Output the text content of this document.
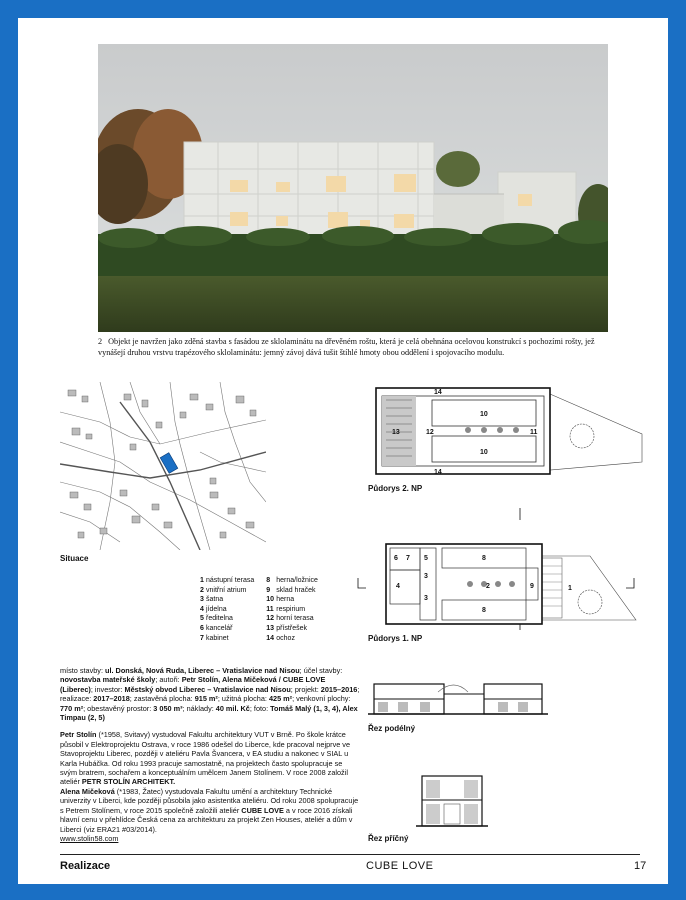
2 Objekt je navržen jako zděná stavba s fasádou ze sklolaminátu na dřevěném roštu, která je celá obehnána ocelovou konstrukcí s pochozími rošty, jež vynášejí druhou vrstvu trapézového sklolaminátu: jemný závoj dává tušit štíhlé hmoty obou oddělení i spojovacího modulu.
Situace
1 nástupní terasa
2 vnitřní atrium
3 šatna
4 jídelna
5 ředitelna
6 kancelář
7 kabinet
8 herna/ložnice
9 sklad hraček
10 herna
11 respirium
12 horní terasa
13 přístřešek
14 ochoz

místo stavby: ul. Donská, Nová Ruda, Liberec – Vratislavice nad Nisou; účel stavby: novostavba mateřské školy; autoři: Petr Stolín, Alena Mičeková / CUBE LOVE (Liberec); investor: Městský obvod Liberec – Vratislavice nad Nisou; projekt: 2015–2016; realizace: 2017–2018; zastavěná plocha: 915 m²; užitná plocha: 425 m²; venkovní plochy: 770 m²; obestavěný prostor: 3 050 m³; náklady: 40 mil. Kč; foto: Tomáš Malý (1, 3, 4), Alex Timpau (2, 5)

Petr Stolín (*1958, Svitavy) vystudoval Fakultu architektury VUT v Brně. Po škole krátce působil v Elektroprojektu Ostrava, v roce 1986 odešel do Liberce, kde pracoval nejprve ve Stavoprojektu Liberec, později v ateliéru Pavla Švancera, v EA studiu a nakonec v SIAL u Karla Hubáčka. Od roku 1993 pracuje samostatně, na projektech často spolupracuje se svým bratrem, sochařem a konceptuálním umělcem Janem Stolínem. V roce 2008 založil ateliér PETR STOLÍN ARCHITEKT.

Alena Mičeková (*1983, Žatec) vystudovala Fakultu umění a architektury Technické univerzity v Liberci, kde později působila jako asistentka ateliéru. Od roku 2008 spolupracuje s Petrem Stolínem, v roce 2015 společně založili ateliér CUBE LOVE a v roce 2016 získali hlavní cenu v přehlídce Česká cena za architekturu za projekt Zen Houses, ateliér a dům v Liberci (viz ERA21 #03/2014).

www.stolin58.com

14
14
13	12
10
10
11
Půdorys 2. NP
6 7
4
5
3
3
8
8
2	9	1
Půdorys 1. NP
Řez podélný
Řez příčný
Realizace	CUBE LOVE	17
